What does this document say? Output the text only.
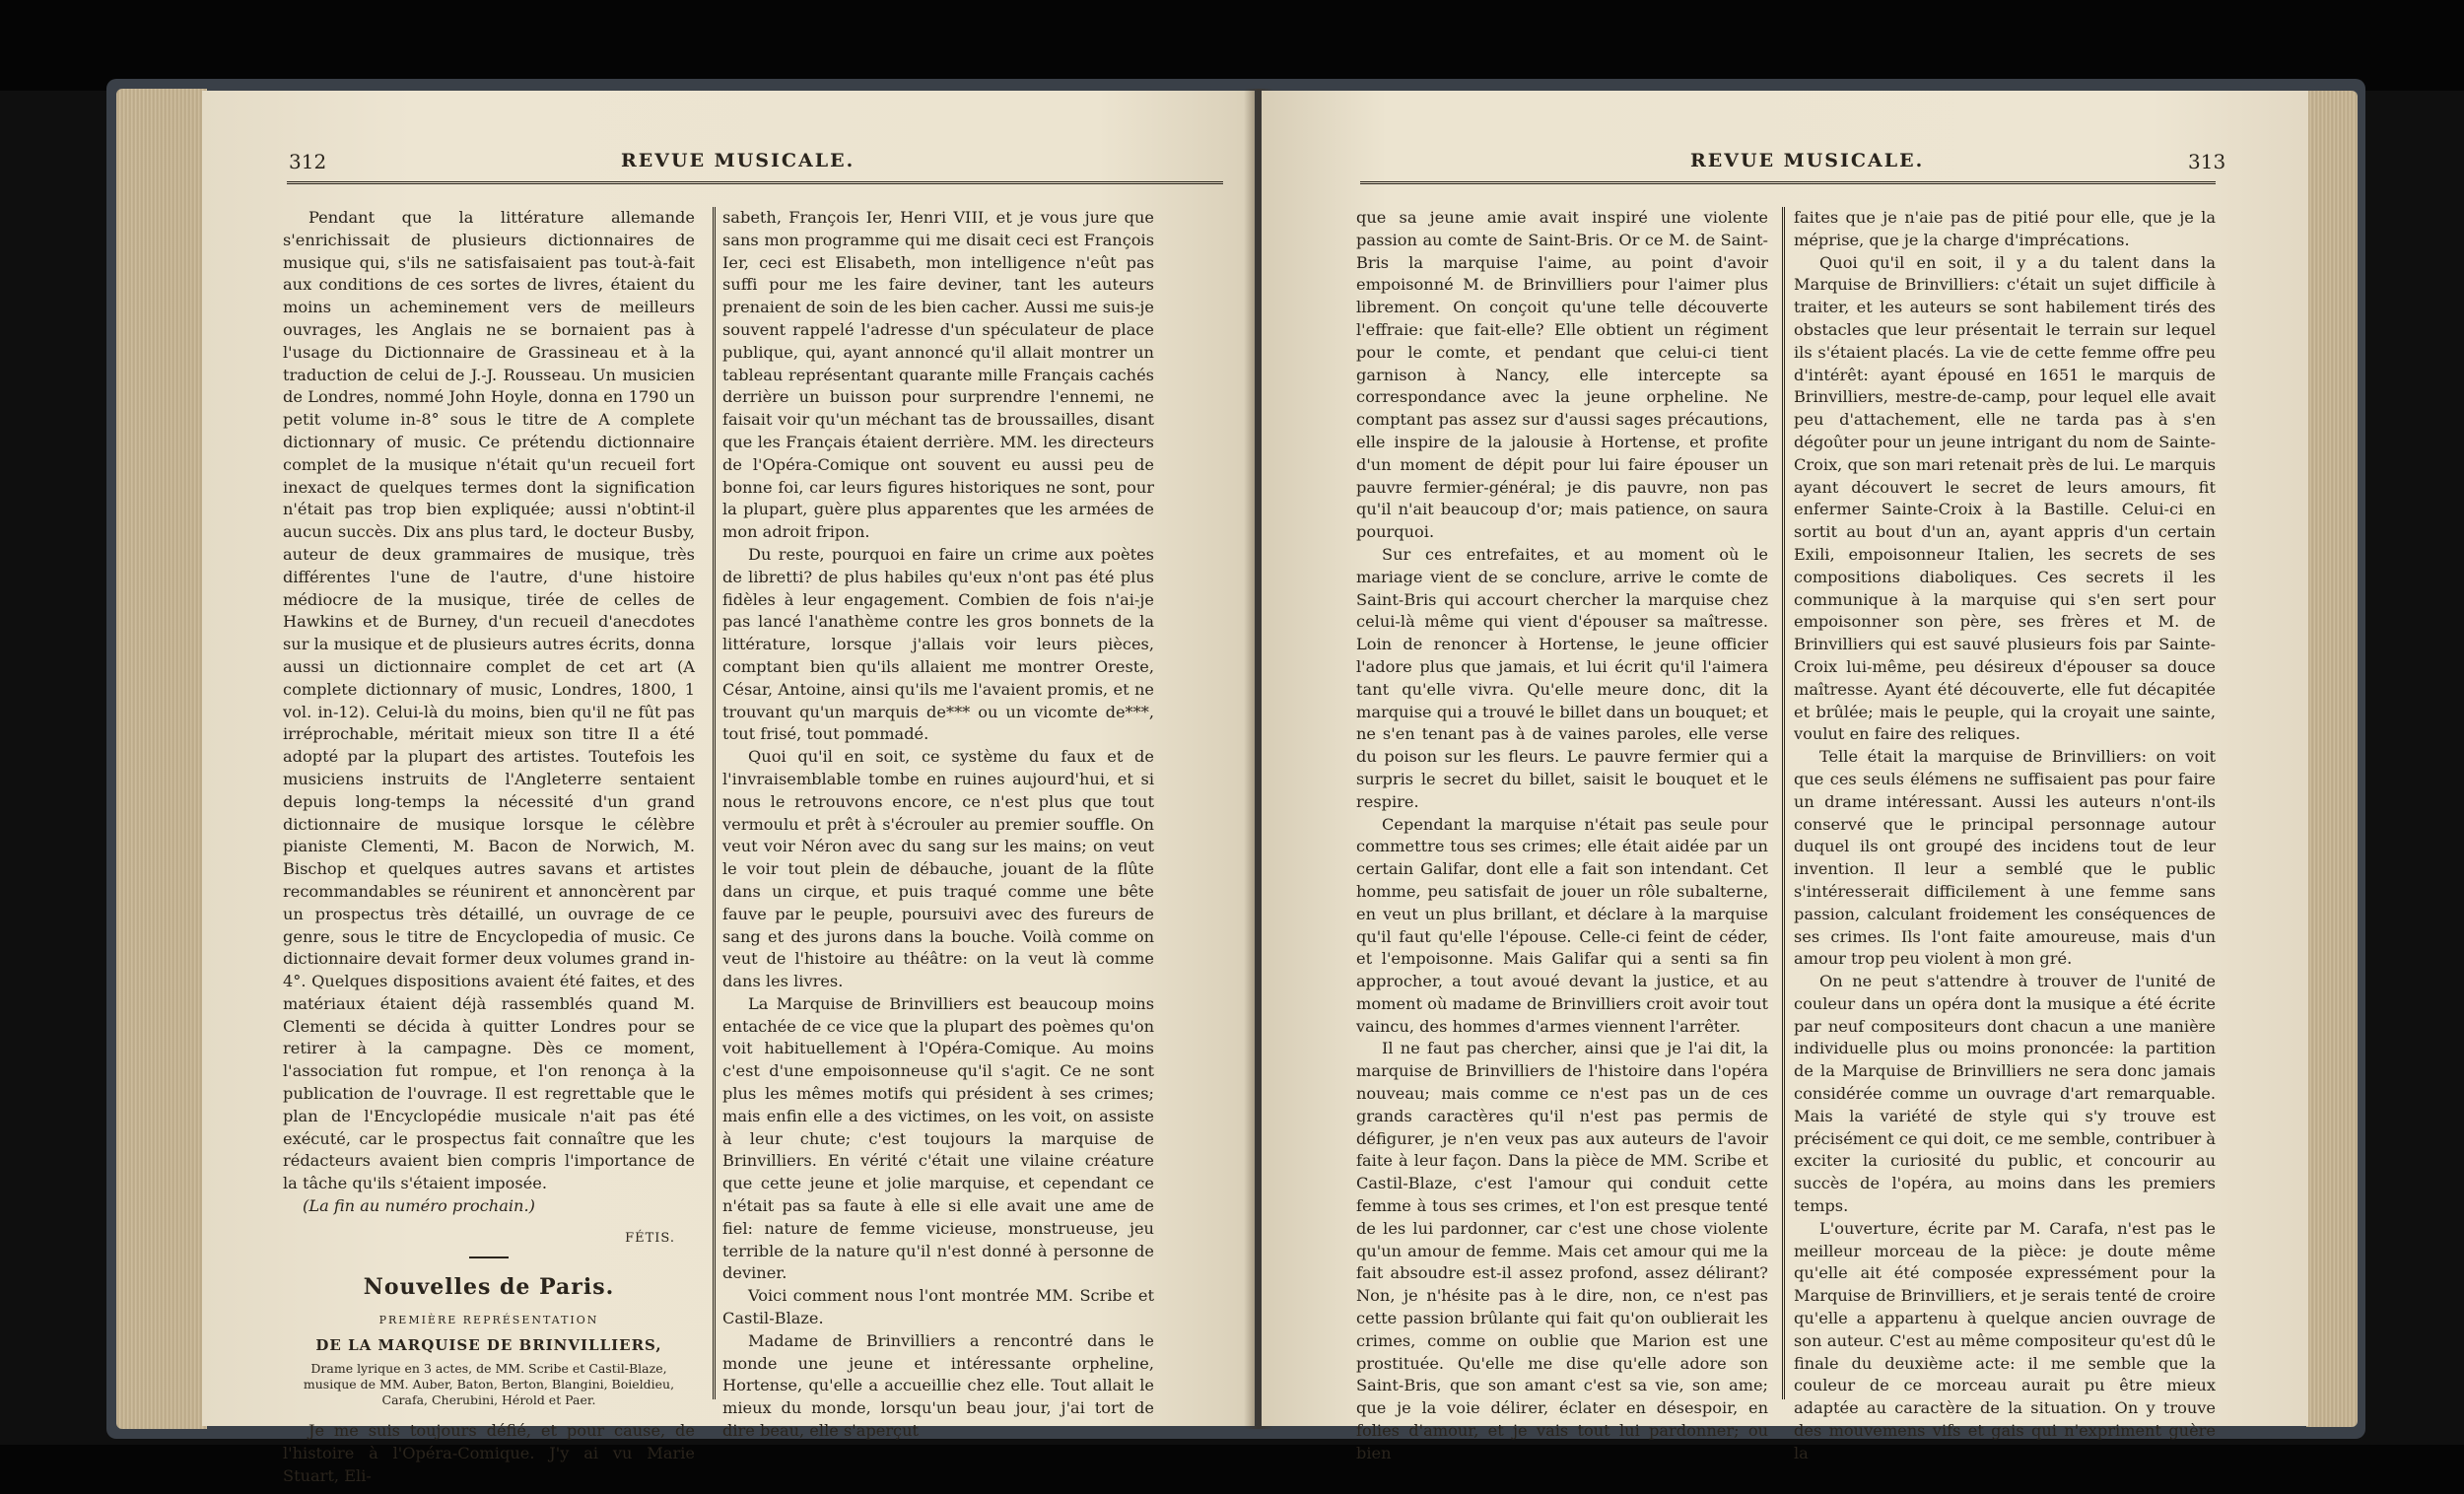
312	REVUE MUSICALE.

Pendant que la littérature allemande s'enrichissait de plusieurs dictionnaires de musique qui, s'ils ne satisfaisaient pas tout-à-fait aux conditions de ces sortes de livres, étaient du moins un acheminement vers de meilleurs ouvrages, les Anglais ne se bornaient pas à l'usage du Dictionnaire de Grassineau et à la traduction de celui de J.-J. Rousseau. Un musicien de Londres, nommé John Hoyle, donna en 1790 un petit volume in-8° sous le titre de A complete dictionnary of music. Ce prétendu dictionnaire complet de la musique n'était qu'un recueil fort inexact de quelques termes dont la signification n'était pas trop bien expliquée; aussi n'obtint-il aucun succès. Dix ans plus tard, le docteur Busby, auteur de deux grammaires de musique, très différentes l'une de l'autre, d'une histoire médiocre de la musique, tirée de celles de Hawkins et de Burney, d'un recueil d'anecdotes sur la musique et de plusieurs autres écrits, donna aussi un dictionnaire complet de cet art (A complete dictionnary of music, Londres, 1800, 1 vol. in-12). Celui-là du moins, bien qu'il ne fût pas irréprochable, méritait mieux son titre Il a été adopté par la plupart des artistes. Toutefois les musiciens instruits de l'Angleterre sentaient depuis long-temps la nécessité d'un grand dictionnaire de musique lorsque le célèbre pianiste Clementi, M. Bacon de Norwich, M. Bischop et quelques autres savans et artistes recommandables se réunirent et annoncèrent par un prospectus très détaillé, un ouvrage de ce genre, sous le titre de Encyclopedia of music. Ce dictionnaire devait former deux volumes grand in-4°. Quelques dispositions avaient été faites, et des matériaux étaient déjà rassemblés quand M. Clementi se décida à quitter Londres pour se retirer à la campagne. Dès ce moment, l'association fut rompue, et l'on renonça à la publication de l'ouvrage. Il est regrettable que le plan de l'Encyclopédie musicale n'ait pas été exécuté, car le prospectus fait connaître que les rédacteurs avaient bien compris l'importance de la tâche qu'ils s'étaient imposée.

(La fin au numéro prochain.)

FÉTIS.
Nouvelles de Paris.
PREMIÈRE REPRÉSENTATION
DE LA MARQUISE DE BRINVILLIERS,
Drame lyrique en 3 actes, de MM. Scribe et Castil-Blaze, musique de MM. Auber, Baton, Berton, Blangini, Boieldieu, Carafa, Cherubini, Hérold et Paer.

Je me suis toujours défié, et pour cause, de l'histoire à l'Opéra-Comique. J'y ai vu Marie Stuart, Eli-

sabeth, François Ier, Henri VIII, et je vous jure que sans mon programme qui me disait ceci est François Ier, ceci est Elisabeth, mon intelligence n'eût pas suffi pour me les faire deviner, tant les auteurs prenaient de soin de les bien cacher. Aussi me suis-je souvent rappelé l'adresse d'un spéculateur de place publique, qui, ayant annoncé qu'il allait montrer un tableau représentant quarante mille Français cachés derrière un buisson pour surprendre l'ennemi, ne faisait voir qu'un méchant tas de broussailles, disant que les Français étaient derrière. MM. les directeurs de l'Opéra-Comique ont souvent eu aussi peu de bonne foi, car leurs figures historiques ne sont, pour la plupart, guère plus apparentes que les armées de mon adroit fripon.

Du reste, pourquoi en faire un crime aux poètes de libretti? de plus habiles qu'eux n'ont pas été plus fidèles à leur engagement. Combien de fois n'ai-je pas lancé l'anathème contre les gros bonnets de la littérature, lorsque j'allais voir leurs pièces, comptant bien qu'ils allaient me montrer Oreste, César, Antoine, ainsi qu'ils me l'avaient promis, et ne trouvant qu'un marquis de*** ou un vicomte de***, tout frisé, tout pommadé.

Quoi qu'il en soit, ce système du faux et de l'invraisemblable tombe en ruines aujourd'hui, et si nous le retrouvons encore, ce n'est plus que tout vermoulu et prêt à s'écrouler au premier souffle. On veut voir Néron avec du sang sur les mains; on veut le voir tout plein de débauche, jouant de la flûte dans un cirque, et puis traqué comme une bête fauve par le peuple, poursuivi avec des fureurs de sang et des jurons dans la bouche. Voilà comme on veut de l'histoire au théâtre: on la veut là comme dans les livres.

La Marquise de Brinvilliers est beaucoup moins entachée de ce vice que la plupart des poèmes qu'on voit habituellement à l'Opéra-Comique. Au moins c'est d'une empoisonneuse qu'il s'agit. Ce ne sont plus les mêmes motifs qui président à ses crimes; mais enfin elle a des victimes, on les voit, on assiste à leur chute; c'est toujours la marquise de Brinvilliers. En vérité c'était une vilaine créature que cette jeune et jolie marquise, et cependant ce n'était pas sa faute à elle si elle avait une ame de fiel: nature de femme vicieuse, monstrueuse, jeu terrible de la nature qu'il n'est donné à personne de deviner.

Voici comment nous l'ont montrée MM. Scribe et Castil-Blaze.

Madame de Brinvilliers a rencontré dans le monde une jeune et intéressante orpheline, Hortense, qu'elle a accueillie chez elle. Tout allait le mieux du monde, lorsqu'un beau jour, j'ai tort de dire beau, elle s'aperçut

REVUE MUSICALE.	313

que sa jeune amie avait inspiré une violente passion au comte de Saint-Bris. Or ce M. de Saint-Bris la marquise l'aime, au point d'avoir empoisonné M. de Brinvilliers pour l'aimer plus librement. On conçoit qu'une telle découverte l'effraie: que fait-elle? Elle obtient un régiment pour le comte, et pendant que celui-ci tient garnison à Nancy, elle intercepte sa correspondance avec la jeune orpheline. Ne comptant pas assez sur d'aussi sages précautions, elle inspire de la jalousie à Hortense, et profite d'un moment de dépit pour lui faire épouser un pauvre fermier-général; je dis pauvre, non pas qu'il n'ait beaucoup d'or; mais patience, on saura pourquoi.

Sur ces entrefaites, et au moment où le mariage vient de se conclure, arrive le comte de Saint-Bris qui accourt chercher la marquise chez celui-là même qui vient d'épouser sa maîtresse. Loin de renoncer à Hortense, le jeune officier l'adore plus que jamais, et lui écrit qu'il l'aimera tant qu'elle vivra. Qu'elle meure donc, dit la marquise qui a trouvé le billet dans un bouquet; et ne s'en tenant pas à de vaines paroles, elle verse du poison sur les fleurs. Le pauvre fermier qui a surpris le secret du billet, saisit le bouquet et le respire.

Cependant la marquise n'était pas seule pour commettre tous ses crimes; elle était aidée par un certain Galifar, dont elle a fait son intendant. Cet homme, peu satisfait de jouer un rôle subalterne, en veut un plus brillant, et déclare à la marquise qu'il faut qu'elle l'épouse. Celle-ci feint de céder, et l'empoisonne. Mais Galifar qui a senti sa fin approcher, a tout avoué devant la justice, et au moment où madame de Brinvilliers croit avoir tout vaincu, des hommes d'armes viennent l'arrêter.

Il ne faut pas chercher, ainsi que je l'ai dit, la marquise de Brinvilliers de l'histoire dans l'opéra nouveau; mais comme ce n'est pas un de ces grands caractères qu'il n'est pas permis de défigurer, je n'en veux pas aux auteurs de l'avoir faite à leur façon. Dans la pièce de MM. Scribe et Castil-Blaze, c'est l'amour qui conduit cette femme à tous ses crimes, et l'on est presque tenté de les lui pardonner, car c'est une chose violente qu'un amour de femme. Mais cet amour qui me la fait absoudre est-il assez profond, assez délirant? Non, je n'hésite pas à le dire, non, ce n'est pas cette passion brûlante qui fait qu'on oublierait les crimes, comme on oublie que Marion est une prostituée. Qu'elle me dise qu'elle adore son Saint-Bris, que son amant c'est sa vie, son ame; que je la voie délirer, éclater en désespoir, en folies d'amour, et je vais tout lui pardonner; ou bien

faites que je n'aie pas de pitié pour elle, que je la méprise, que je la charge d'imprécations.

Quoi qu'il en soit, il y a du talent dans la Marquise de Brinvilliers: c'était un sujet difficile à traiter, et les auteurs se sont habilement tirés des obstacles que leur présentait le terrain sur lequel ils s'étaient placés. La vie de cette femme offre peu d'intérêt: ayant épousé en 1651 le marquis de Brinvilliers, mestre-de-camp, pour lequel elle avait peu d'attachement, elle ne tarda pas à s'en dégoûter pour un jeune intrigant du nom de Sainte-Croix, que son mari retenait près de lui. Le marquis ayant découvert le secret de leurs amours, fit enfermer Sainte-Croix à la Bastille. Celui-ci en sortit au bout d'un an, ayant appris d'un certain Exili, empoisonneur Italien, les secrets de ses compositions diaboliques. Ces secrets il les communique à la marquise qui s'en sert pour empoisonner son père, ses frères et M. de Brinvilliers qui est sauvé plusieurs fois par Sainte-Croix lui-même, peu désireux d'épouser sa douce maîtresse. Ayant été découverte, elle fut décapitée et brûlée; mais le peuple, qui la croyait une sainte, voulut en faire des reliques.

Telle était la marquise de Brinvilliers: on voit que ces seuls élémens ne suffisaient pas pour faire un drame intéressant. Aussi les auteurs n'ont-ils conservé que le principal personnage autour duquel ils ont groupé des incidens tout de leur invention. Il leur a semblé que le public s'intéresserait difficilement à une femme sans passion, calculant froidement les conséquences de ses crimes. Ils l'ont faite amoureuse, mais d'un amour trop peu violent à mon gré.

On ne peut s'attendre à trouver de l'unité de couleur dans un opéra dont la musique a été écrite par neuf compositeurs dont chacun a une manière individuelle plus ou moins prononcée: la partition de la Marquise de Brinvilliers ne sera donc jamais considérée comme un ouvrage d'art remarquable. Mais la variété de style qui s'y trouve est précisément ce qui doit, ce me semble, contribuer à exciter la curiosité du public, et concourir au succès de l'opéra, au moins dans les premiers temps.

L'ouverture, écrite par M. Carafa, n'est pas le meilleur morceau de la pièce: je doute même qu'elle ait été composée expressément pour la Marquise de Brinvilliers, et je serais tenté de croire qu'elle a appartenu à quelque ancien ouvrage de son auteur. C'est au même compositeur qu'est dû le finale du deuxième acte: il me semble que la couleur de ce morceau aurait pu être mieux adaptée au caractère de la situation. On y trouve des mouvemens vifs et gais qui n'expriment guère la
